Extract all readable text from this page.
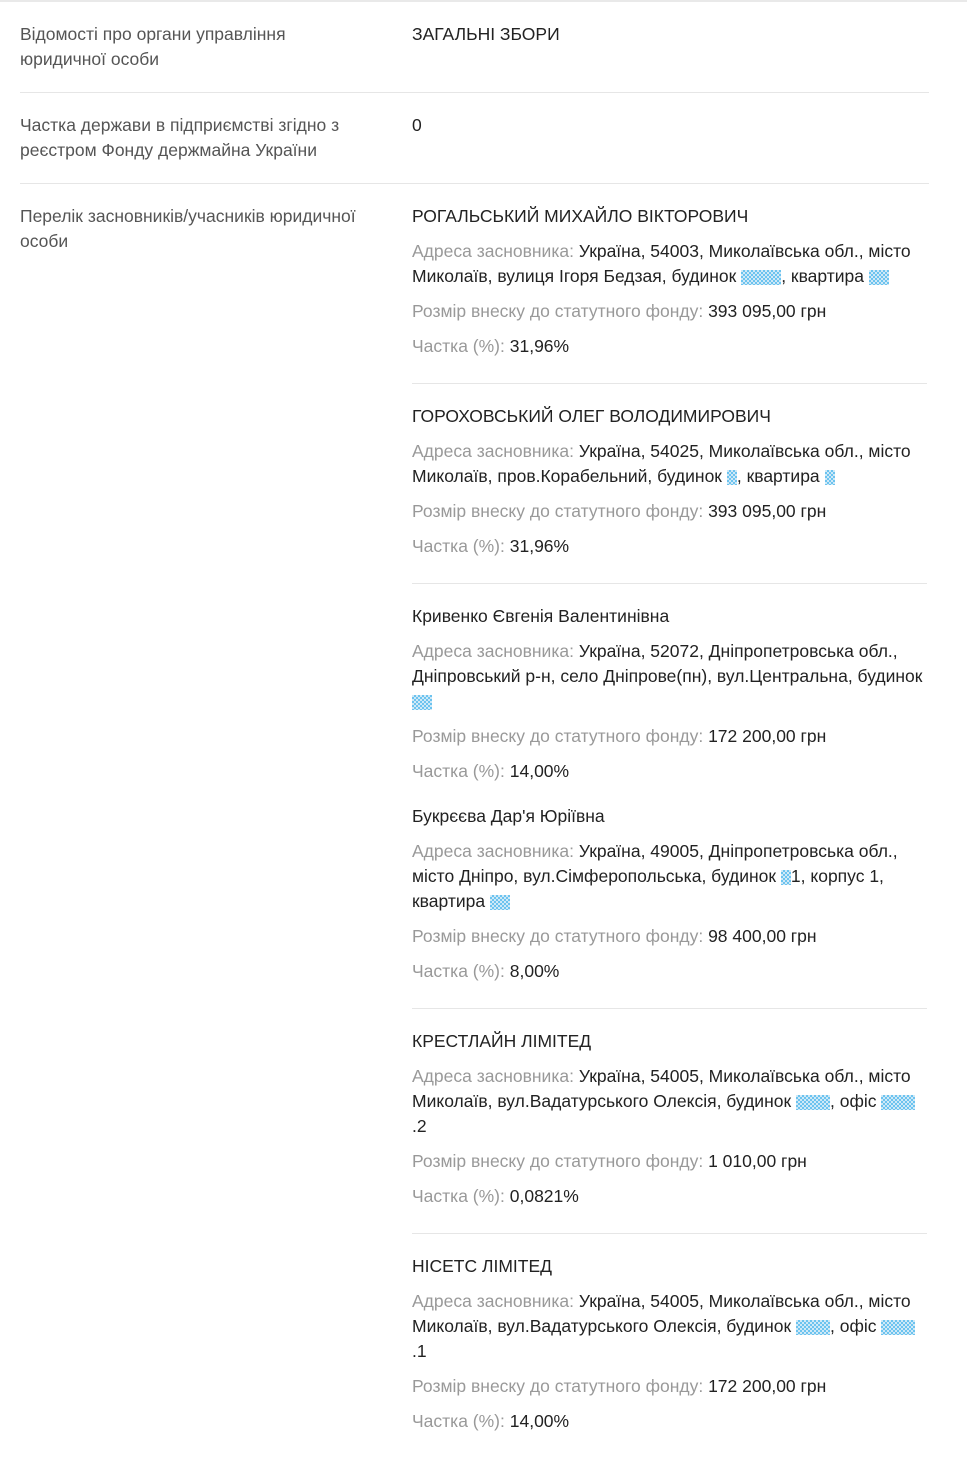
Відомості про органи управління юридичної особи
ЗАГАЛЬНІ ЗБОРИ
Частка держави в підприємстві згідно з реєстром Фонду держмайна України
0
Перелік засновників/учасників юридичної особи
РОГАЛЬСЬКИЙ МИХАЙЛО ВІКТОРОВИЧ
Адреса засновника: Україна, 54003, Миколаївська обл., місто Миколаїв, вулиця Ігоря Бедзая, будинок	, квартира
Розмір внеску до статутного фонду: 393 095,00 грн
Частка (%): 31,96%
ГОРОХОВСЬКИЙ ОЛЕГ ВОЛОДИМИРОВИЧ
Адреса засновника: Україна, 54025, Миколаївська обл., місто Миколаїв, пров.Корабельний, будинок , квартира
Розмір внеску до статутного фонду: 393 095,00 грн
Частка (%): 31,96%
Кривенко Євгенія Валентинівна
Адреса засновника: Україна, 52072, Дніпропетровська обл., Дніпровський р-н, село Дніпрове(пн), вул.Центральна, будинок
Розмір внеску до статутного фонду: 172 200,00 грн
Частка (%): 14,00%
Букрєєва Дар'я Юріївна
Адреса засновника: Україна, 49005, Дніпропетровська обл., місто Дніпро, вул.Сімферопольська, будинок 1, корпус 1, квартира
Розмір внеску до статутного фонду: 98 400,00 грн
Частка (%): 8,00%
КРЕСТЛАЙН ЛІМІТЕД
Адреса засновника: Україна, 54005, Миколаївська обл., місто Миколаїв, вул.Вадатурського Олексія, будинок , офіс .2
Розмір внеску до статутного фонду: 1 010,00 грн
Частка (%): 0,0821%
НІСЕТС ЛІМІТЕД
Адреса засновника: Україна, 54005, Миколаївська обл., місто Миколаїв, вул.Вадатурського Олексія, будинок , офіс .1
Розмір внеску до статутного фонду: 172 200,00 грн
Частка (%): 14,00%
